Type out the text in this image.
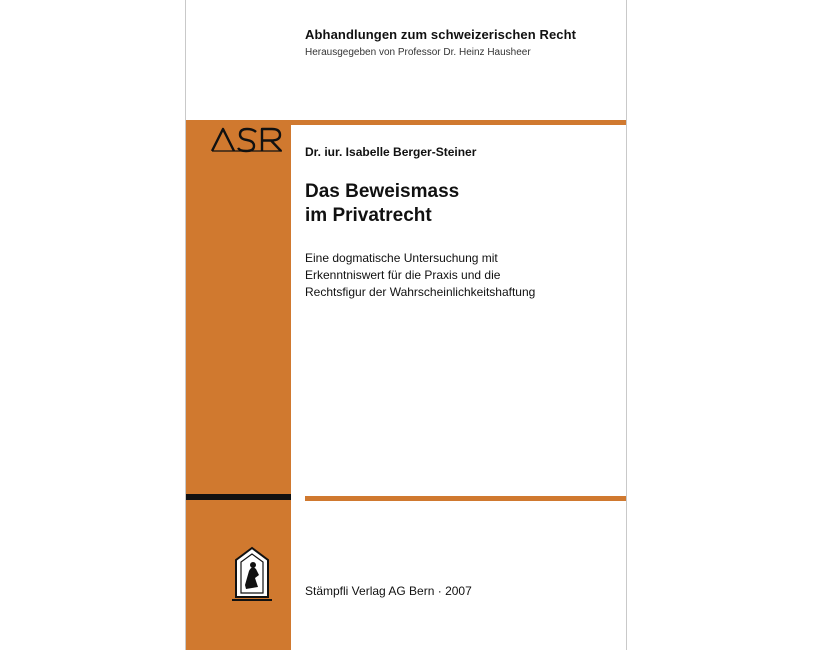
Abhandlungen zum schweizerischen Recht
Herausgegeben von Professor Dr. Heinz Hausheer
Dr. iur. Isabelle Berger-Steiner
Das Beweismass
im Privatrecht
Eine dogmatische Untersuchung mit
Erkenntniswert für die Praxis und die
Rechtsfigur der Wahrscheinlichkeitshaftung
Stämpfli Verlag AG Bern · 2007
